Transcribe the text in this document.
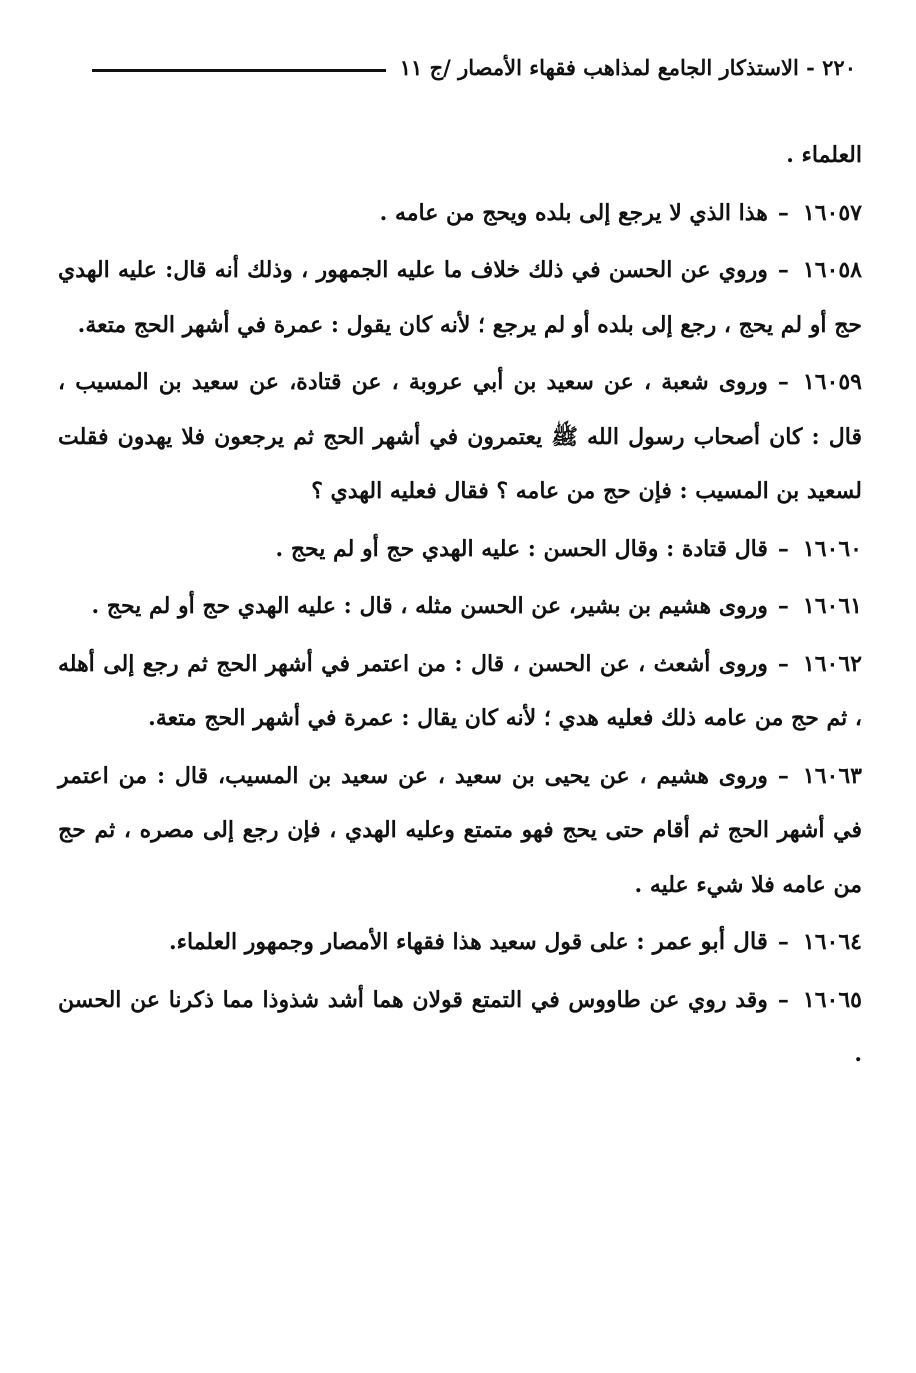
٢٢٠ - الاستذكار الجامع لمذاهب فقهاء الأمصار /ج ١١

العلماء .

١٦٠٥٧–هذا الذي لا يرجع إلى بلده ويحج من عامه .

١٦٠٥٨–وروي عن الحسن في ذلك خلاف ما عليه الجمهور ، وذلك أنه قال: عليه الهدي حج أو لم يحج ، رجع إلى بلده أو لم يرجع ؛ لأنه كان يقول : عمرة في أشهر الحج متعة.

١٦٠٥٩–وروى شعبة ، عن سعيد بن أبي عروبة ، عن قتادة، عن سعيد بن المسيب ، قال : كان أصحاب رسول الله ﷺ يعتمرون في أشهر الحج ثم يرجعون فلا يهدون فقلت لسعيد بن المسيب : فإن حج من عامه ؟ فقال فعليه الهدي ؟

١٦٠٦٠–قال قتادة : وقال الحسن : عليه الهدي حج أو لم يحج .

١٦٠٦١–وروى هشيم بن بشير، عن الحسن مثله ، قال : عليه الهدي حج أو لم يحج .

١٦٠٦٢–وروى أشعث ، عن الحسن ، قال : من اعتمر في أشهر الحج ثم رجع إلى أهله ، ثم حج من عامه ذلك فعليه هدي ؛ لأنه كان يقال : عمرة في أشهر الحج متعة.

١٦٠٦٣–وروى هشيم ، عن يحيى بن سعيد ، عن سعيد بن المسيب، قال : من اعتمر في أشهر الحج ثم أقام حتى يحج فهو متمتع وعليه الهدي ، فإن رجع إلى مصره ، ثم حج من عامه فلا شيء عليه .

١٦٠٦٤–قال أبو عمر : على قول سعيد هذا فقهاء الأمصار وجمهور العلماء.

١٦٠٦٥–وقد روي عن طاووس في التمتع قولان هما أشد شذوذا مما ذكرنا عن الحسن .
